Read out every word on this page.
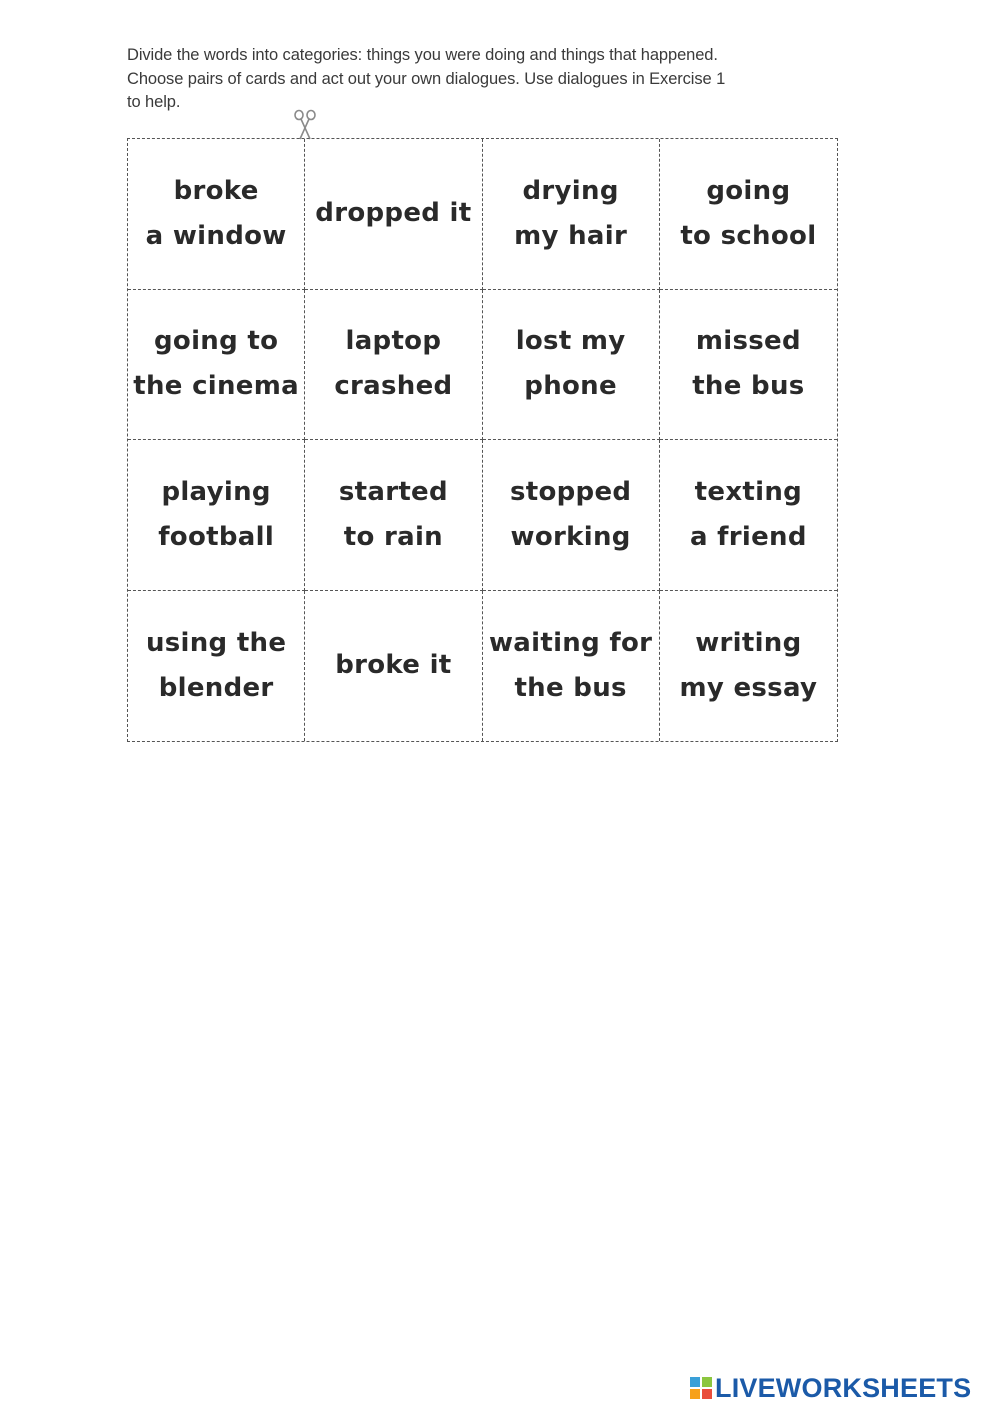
Divide the words into categories: things you were doing and things that happened.

Choose pairs of cards and act out your own dialogues. Use dialogues in Exercise 1

to help.

broke
a window
dropped it
drying
my hair
going
to school
going to
the cinema
laptop
crashed
lost my
phone
missed
the bus
playing
football
started
to rain
stopped
working
texting
a friend
using the
blender
broke it
waiting for
the bus
writing
my essay
LIVEWORKSHEETS
